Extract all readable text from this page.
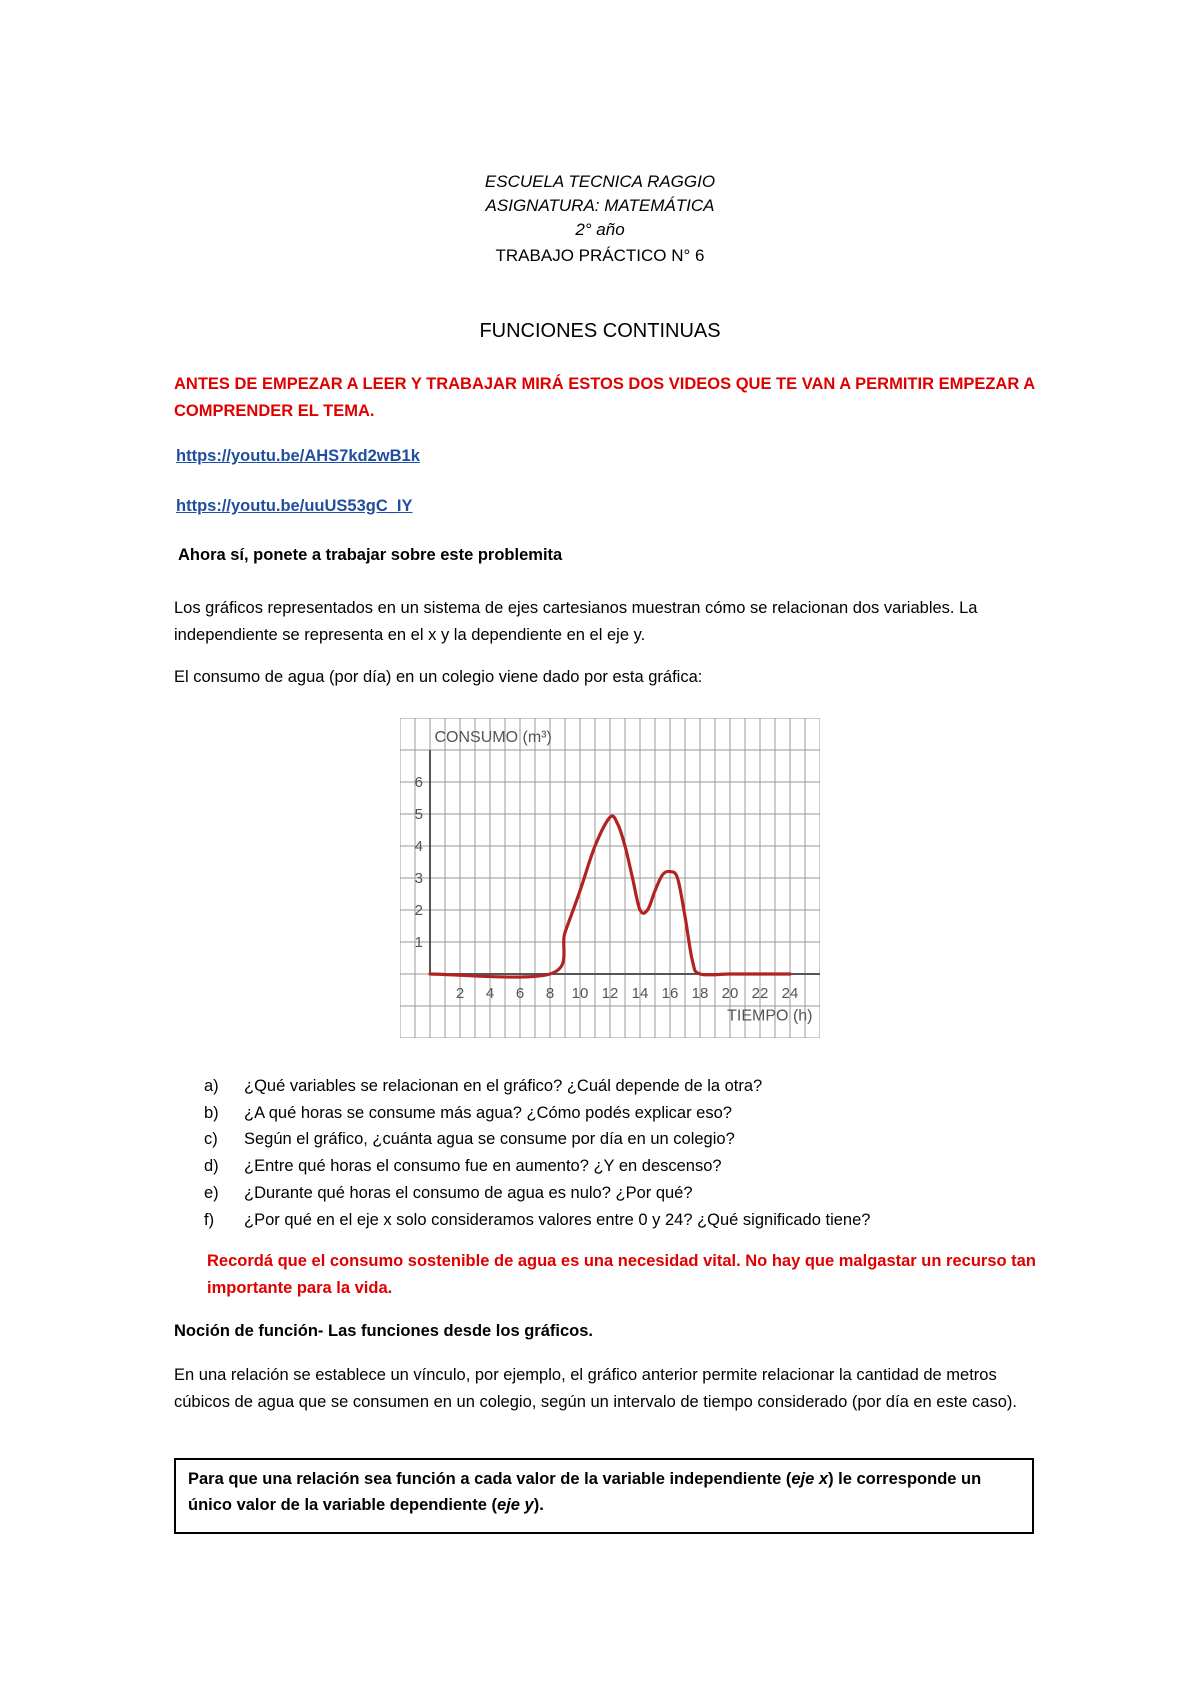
ESCUELA TECNICA RAGGIO
ASIGNATURA: MATEMÁTICA
2° año
TRABAJO PRÁCTICO N° 6
FUNCIONES CONTINUAS
ANTES DE EMPEZAR A LEER Y TRABAJAR MIRÁ ESTOS DOS VIDEOS QUE TE VAN A PERMITIR EMPEZAR A COMPRENDER EL TEMA.
https://youtu.be/AHS7kd2wB1k
https://youtu.be/uuUS53gC_IY
Ahora sí, ponete a trabajar sobre este problemita
Los gráficos representados en un sistema de ejes cartesianos muestran cómo se relacionan dos variables. La independiente se representa en el x y la dependiente en el eje y.
El consumo de agua (por día) en un colegio viene dado por esta gráfica:
2 4 6 8 10 12 14 16 18 20 22 24
1
2
3
4
5
6
CONSUMO (m³)
TIEMPO (h)
a) ¿Qué variables se relacionan en el gráfico? ¿Cuál depende de la otra?
b) ¿A qué horas se consume más agua? ¿Cómo podés explicar eso?
c) Según el gráfico, ¿cuánta agua se consume por día en un colegio?
d) ¿Entre qué horas el consumo fue en aumento? ¿Y en descenso?
e) ¿Durante qué horas el consumo de agua es nulo? ¿Por qué?
f) ¿Por qué en el eje x solo consideramos valores entre 0 y 24? ¿Qué significado tiene?
Recordá que el consumo sostenible de agua es una necesidad vital. No hay que malgastar un recurso tan importante para la vida.
Noción de función- Las funciones desde los gráficos.
En una relación se establece un vínculo, por ejemplo, el gráfico anterior permite relacionar la cantidad de metros cúbicos de agua que se consumen en un colegio, según un intervalo de tiempo considerado (por día en este caso).
Para que una relación sea función a cada valor de la variable independiente (eje x) le corresponde un único valor de la variable dependiente (eje y).
